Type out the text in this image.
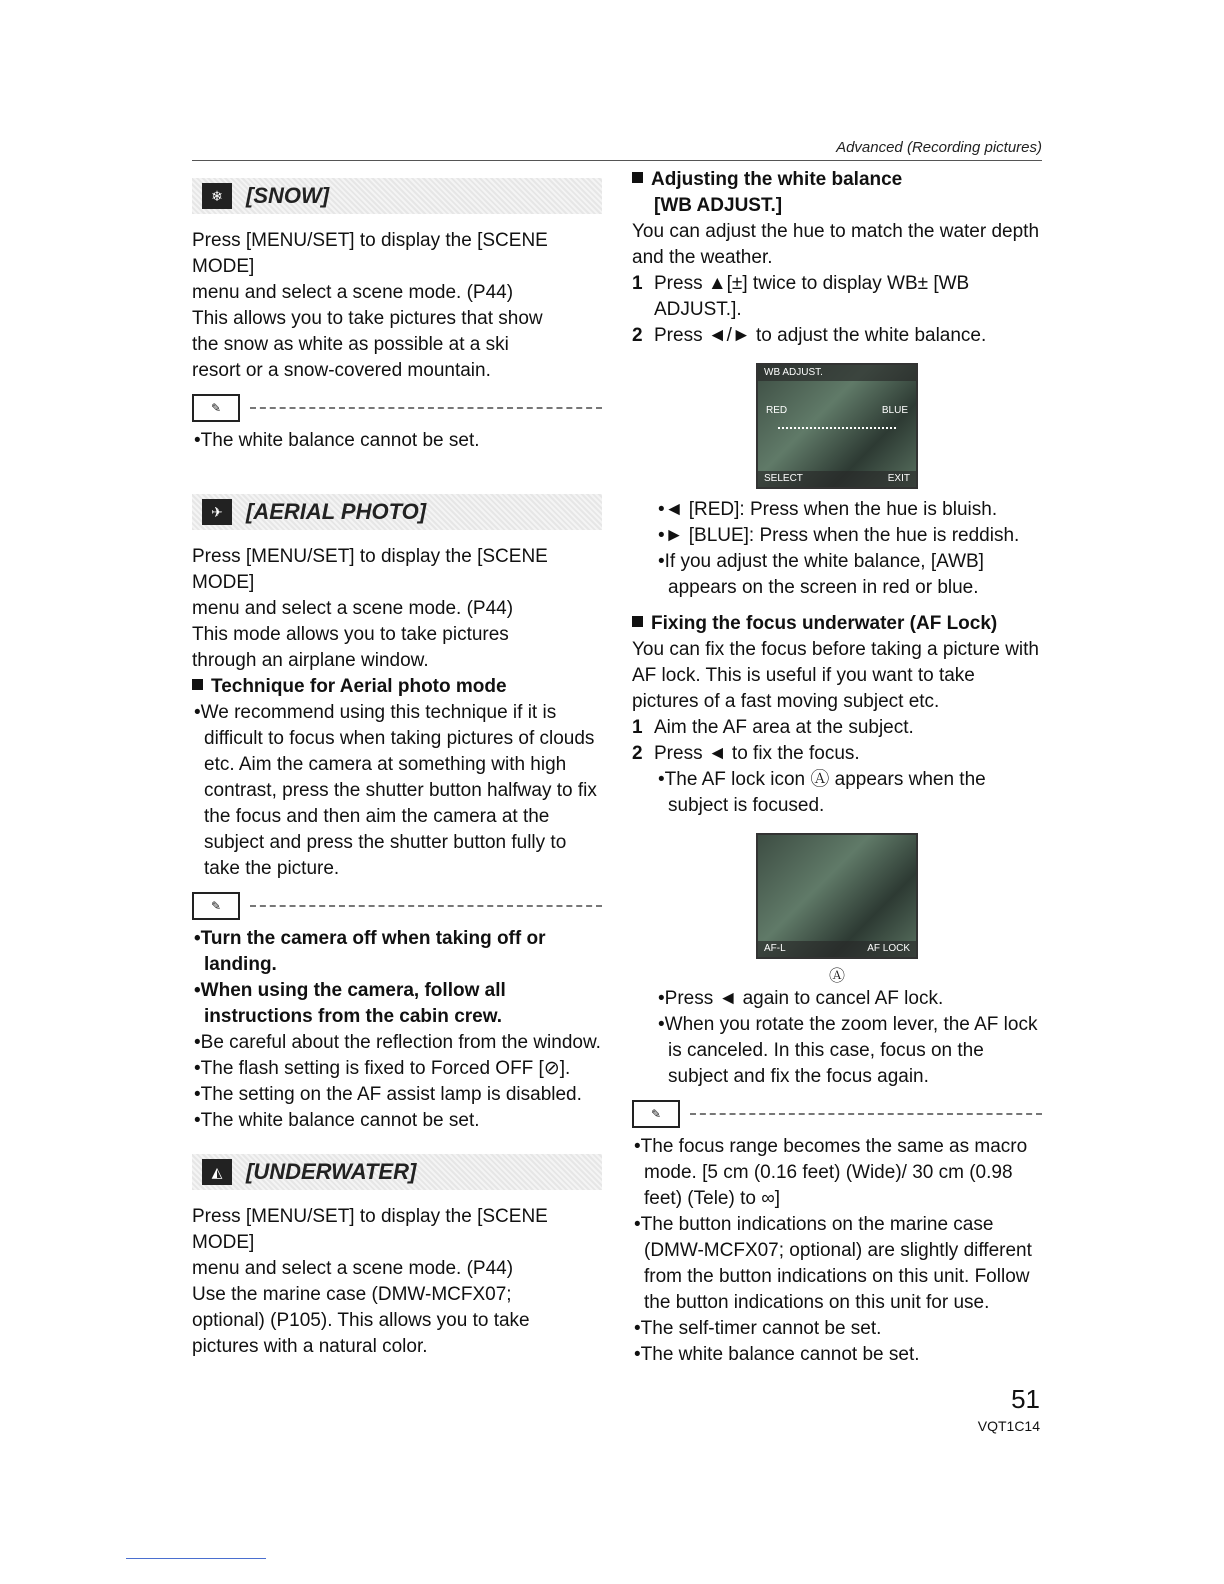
Advanced (Recording pictures)
❄	[SNOW]

Press [MENU/SET] to display the [SCENE MODE]

menu and select a scene mode. (P44)

This allows you to take pictures that show

the snow as white as possible at a ski

resort or a snow-covered mountain.

✎

•The white balance cannot be set.

✈	[AERIAL PHOTO]

Press [MENU/SET] to display the [SCENE MODE]

menu and select a scene mode. (P44)

This mode allows you to take pictures

through an airplane window.

Technique for Aerial photo mode

•We recommend using this technique if it is difficult to focus when taking pictures of clouds etc. Aim the camera at something with high contrast, press the shutter button halfway to fix the focus and then aim the camera at the subject and press the shutter button fully to take the picture.

✎

•Turn the camera off when taking off or landing.

•When using the camera, follow all instructions from the cabin crew.

•Be careful about the reflection from the window.

•The flash setting is fixed to Forced OFF [⊘].

•The setting on the AF assist lamp is disabled.

•The white balance cannot be set.

◭	[UNDERWATER]

Press [MENU/SET] to display the [SCENE MODE]

menu and select a scene mode. (P44)

Use the marine case (DMW-MCFX07;

optional) (P105). This allows you to take

pictures with a natural color.

Adjusting the white balance
[WB ADJUST.]

You can adjust the hue to match the water depth and the weather.

1 Press ▲[±] twice to display WB± [WB ADJUST.].

2 Press ◄/► to adjust the white balance.

WB ADJUST.
RED	BLUE
SELECT	EXIT

•◄ [RED]: Press when the hue is bluish.

•► [BLUE]: Press when the hue is reddish.

•If you adjust the white balance, [AWB] appears on the screen in red or blue.

Fixing the focus underwater (AF Lock)

You can fix the focus before taking a picture with AF lock. This is useful if you want to take pictures of a fast moving subject etc.

1 Aim the AF area at the subject.

2 Press ◄ to fix the focus.

•The AF lock icon Ⓐ appears when the subject is focused.

AF-L	AF LOCK
Ⓐ

•Press ◄ again to cancel AF lock.

•When you rotate the zoom lever, the AF lock is canceled. In this case, focus on the subject and fix the focus again.

✎

•The focus range becomes the same as macro mode. [5 cm (0.16 feet) (Wide)/ 30 cm (0.98 feet) (Tele) to ∞]

•The button indications on the marine case (DMW-MCFX07; optional) are slightly different from the button indications on this unit. Follow the button indications on this unit for use.

•The self-timer cannot be set.

•The white balance cannot be set.

51
VQT1C14
